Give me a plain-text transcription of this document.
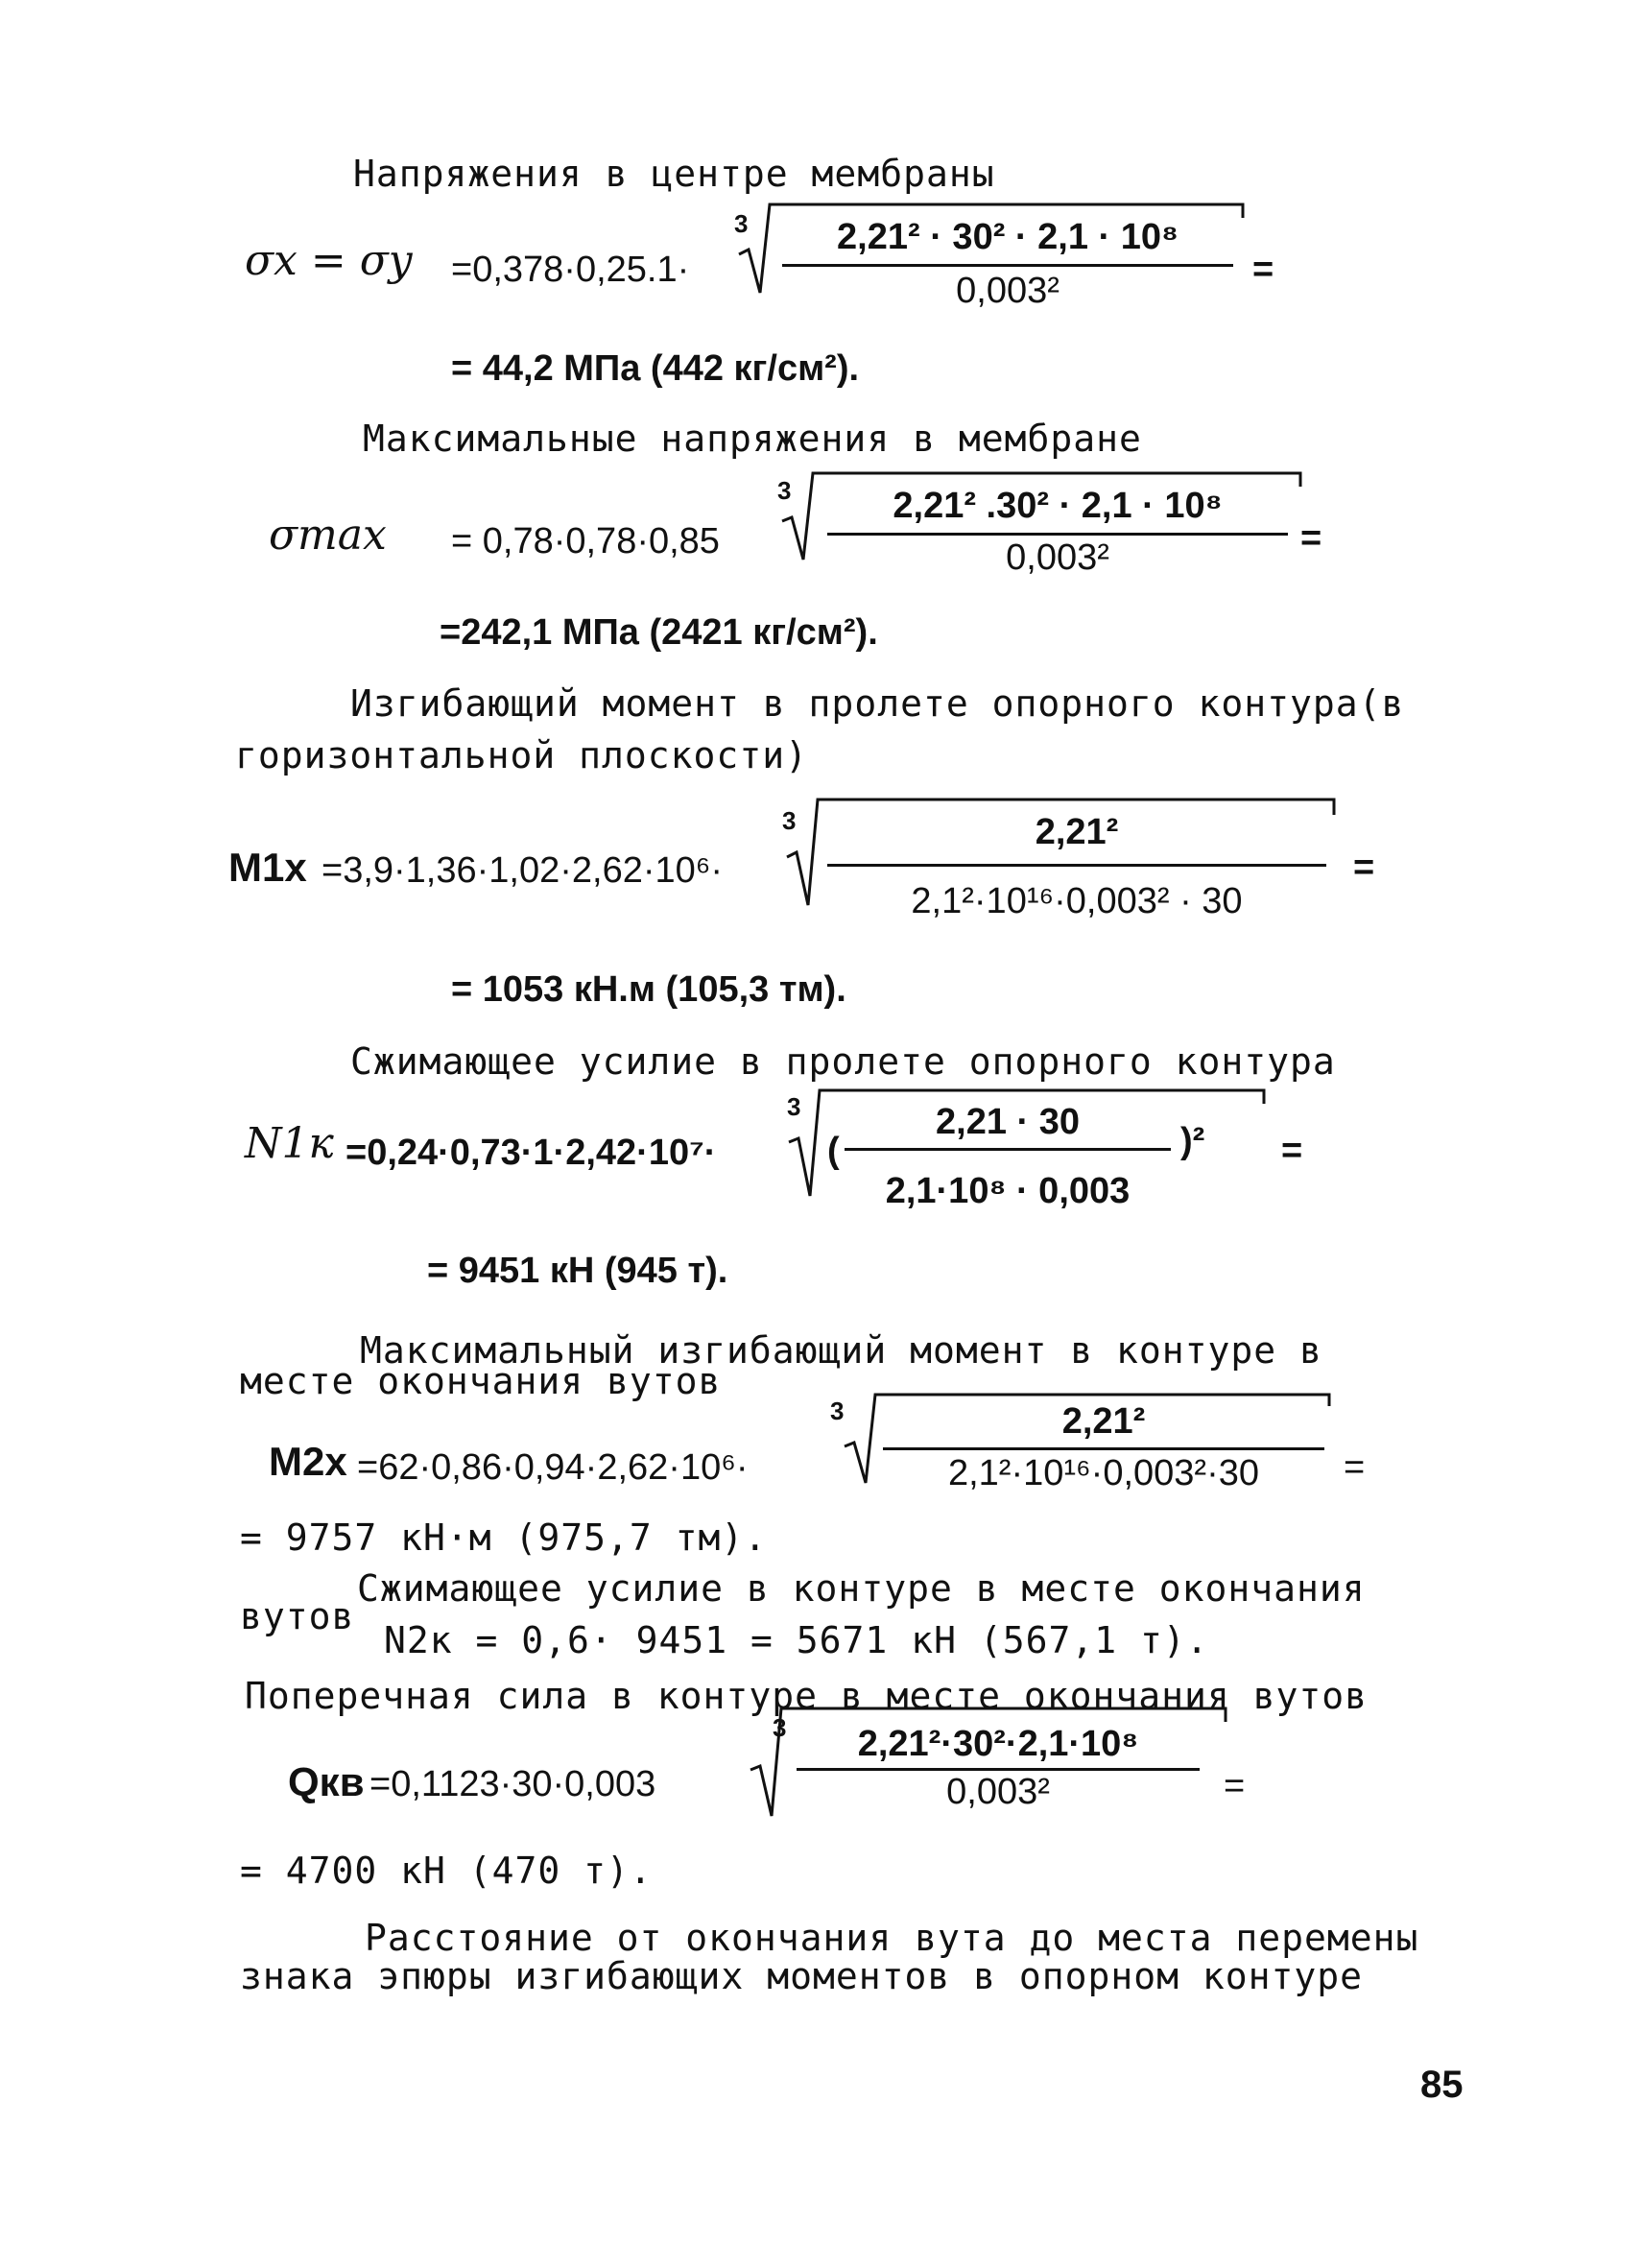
Напряжения в центре мембраны
σx = σy =0,378·0,25.1·
3	2,21² · 30² · 2,1 · 10⁸
0,003²
=
= 44,2 МПа (442 кг/см²).
Максимальные напряжения в мембране
σmax = 0,78·0,78·0,85
3	2,21² .30² · 2,1 · 10⁸
0,003²	=
=242,1 МПа (2421 кг/см²).
Изгибающий момент в пролете опорного контура(в
горизонтальной плоскости)
M1x =3,9·1,36·1,02·2,62·10⁶·
3	2,21²
2,1²·10¹⁶·0,003² · 30
=
= 1053 кН.м (105,3 тм).
Сжимающее усилие в пролете опорного контура
N1к =0,24·0,73·1·2,42·10⁷·
3
(
2,21 · 30
2,1·10⁸ · 0,003
)² =
= 9451 кН (945 т).
Максимальный изгибающий момент в контуре в
месте окончания вутов
M2x =62·0,86·0,94·2,62·10⁶·
3	2,21²
2,1²·10¹⁶·0,003²·30	=
= 9757 кН·м (975,7 тм).
Сжимающее усилие в контуре в месте окончания
вутов
N2к = 0,6· 9451 = 5671 кН (567,1 т).
Поперечная сила в контуре в месте окончания вутов
Qкв =0,1123·30·0,003
3	2,21²·30²·2,1·10⁸
0,003²	=
= 4700 кН (470 т).
Расстояние от окончания вута до места перемены
знака эпюры изгибающих моментов в опорном контуре
85
